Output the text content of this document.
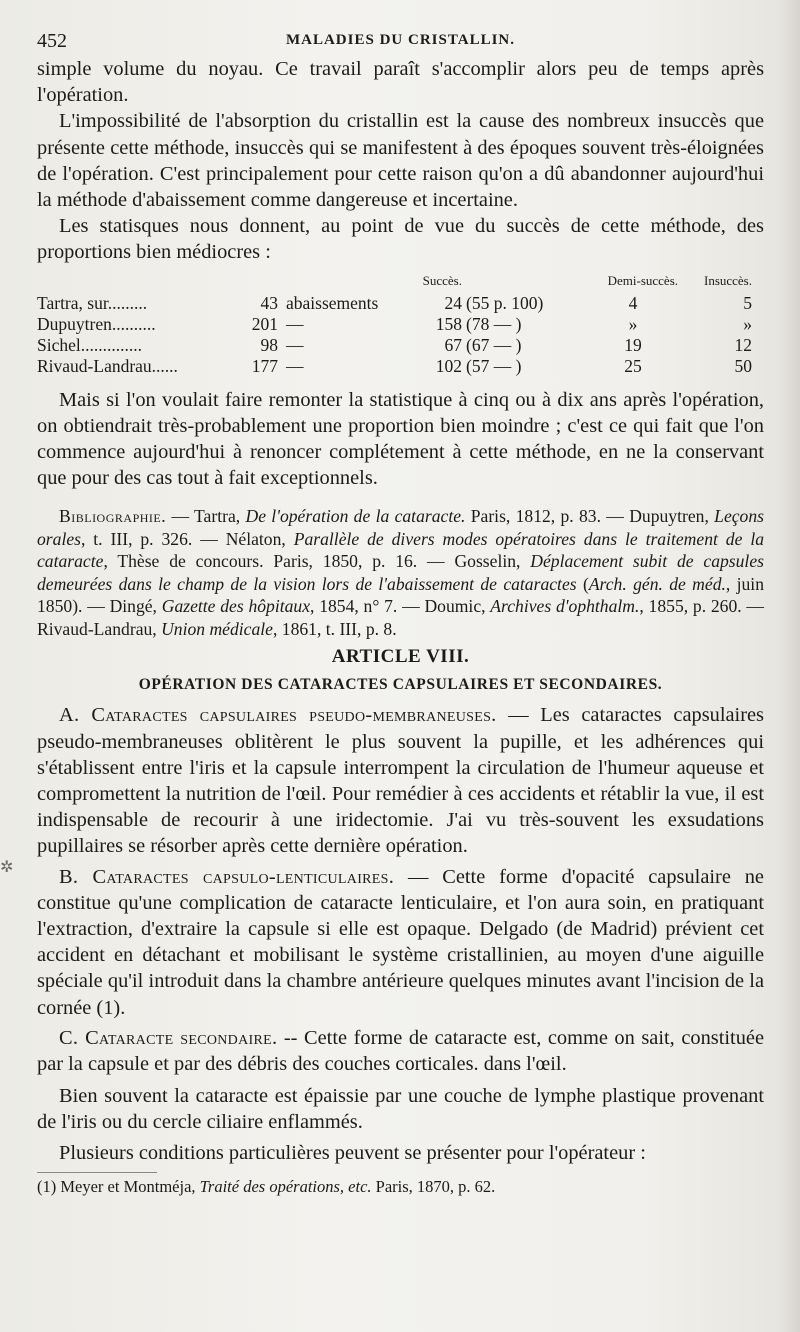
✲
452	MALADIES DU CRISTALLIN.

simple volume du noyau. Ce travail paraît s'accomplir alors peu de temps après l'opération.

L'impossibilité de l'absorption du cristallin est la cause des nombreux insuccès que présente cette méthode, insuccès qui se manifestent à des époques souvent très-éloignées de l'opération. C'est principalement pour cette raison qu'on a dû abandonner aujourd'hui la méthode d'abaissement comme dangereuse et incertaine.

Les statisques nous donnent, au point de vue du succès de cette méthode, des proportions bien médiocres :

			Succès.		Demi-succès.	Insuccès.
Tartra, sur.........	43	abaissements	24	(55 p. 100)	4	5
Dupuytren..........	201	—	158	(78 — )	»	»
Sichel..............	98	—	67	(67 — )	19	12
Rivaud-Landrau......	177	—	102	(57 — )	25	50

Mais si l'on voulait faire remonter la statistique à cinq ou à dix ans après l'opération, on obtiendrait très-probablement une proportion bien moindre ; c'est ce qui fait que l'on commence aujourd'hui à renoncer complétement à cette méthode, en ne la conservant que pour des cas tout à fait exceptionnels.

Bibliographie. — Tartra, De l'opération de la cataracte. Paris, 1812, p. 83. — Dupuytren, Leçons orales, t. III, p. 326. — Nélaton, Parallèle de divers modes opératoires dans le traitement de la cataracte, Thèse de concours. Paris, 1850, p. 16. — Gosselin, Déplacement subit de capsules demeurées dans le champ de la vision lors de l'abaissement de cataractes (Arch. gén. de méd., juin 1850). — Dingé, Gazette des hôpitaux, 1854, n° 7. — Doumic, Archives d'ophthalm., 1855, p. 260. — Rivaud-Landrau, Union médicale, 1861, t. III, p. 8.

ARTICLE VIII.
OPÉRATION DES CATARACTES CAPSULAIRES ET SECONDAIRES.

A. Cataractes capsulaires pseudo-membraneuses. — Les cataractes capsulaires pseudo-membraneuses oblitèrent le plus souvent la pupille, et les adhérences qui s'établissent entre l'iris et la capsule interrompent la circulation de l'humeur aqueuse et compromettent la nutrition de l'œil. Pour remédier à ces accidents et rétablir la vue, il est indispensable de recourir à une iridectomie. J'ai vu très-souvent les exsudations pupillaires se résorber après cette dernière opération.

B. Cataractes capsulo-lenticulaires. — Cette forme d'opacité capsulaire ne constitue qu'une complication de cataracte lenticulaire, et l'on aura soin, en pratiquant l'extraction, d'extraire la capsule si elle est opaque. Delgado (de Madrid) prévient cet accident en détachant et mobilisant le système cristallinien, au moyen d'une aiguille spéciale qu'il introduit dans la chambre antérieure quelques minutes avant l'incision de la cornée (1).

C. Cataracte secondaire. -- Cette forme de cataracte est, comme on sait, constituée par la capsule et par des débris des couches corticales. dans l'œil.

Bien souvent la cataracte est épaissie par une couche de lymphe plastique provenant de l'iris ou du cercle ciliaire enflammés.

Plusieurs conditions particulières peuvent se présenter pour l'opérateur :

(1) Meyer et Montméja, Traité des opérations, etc. Paris, 1870, p. 62.
